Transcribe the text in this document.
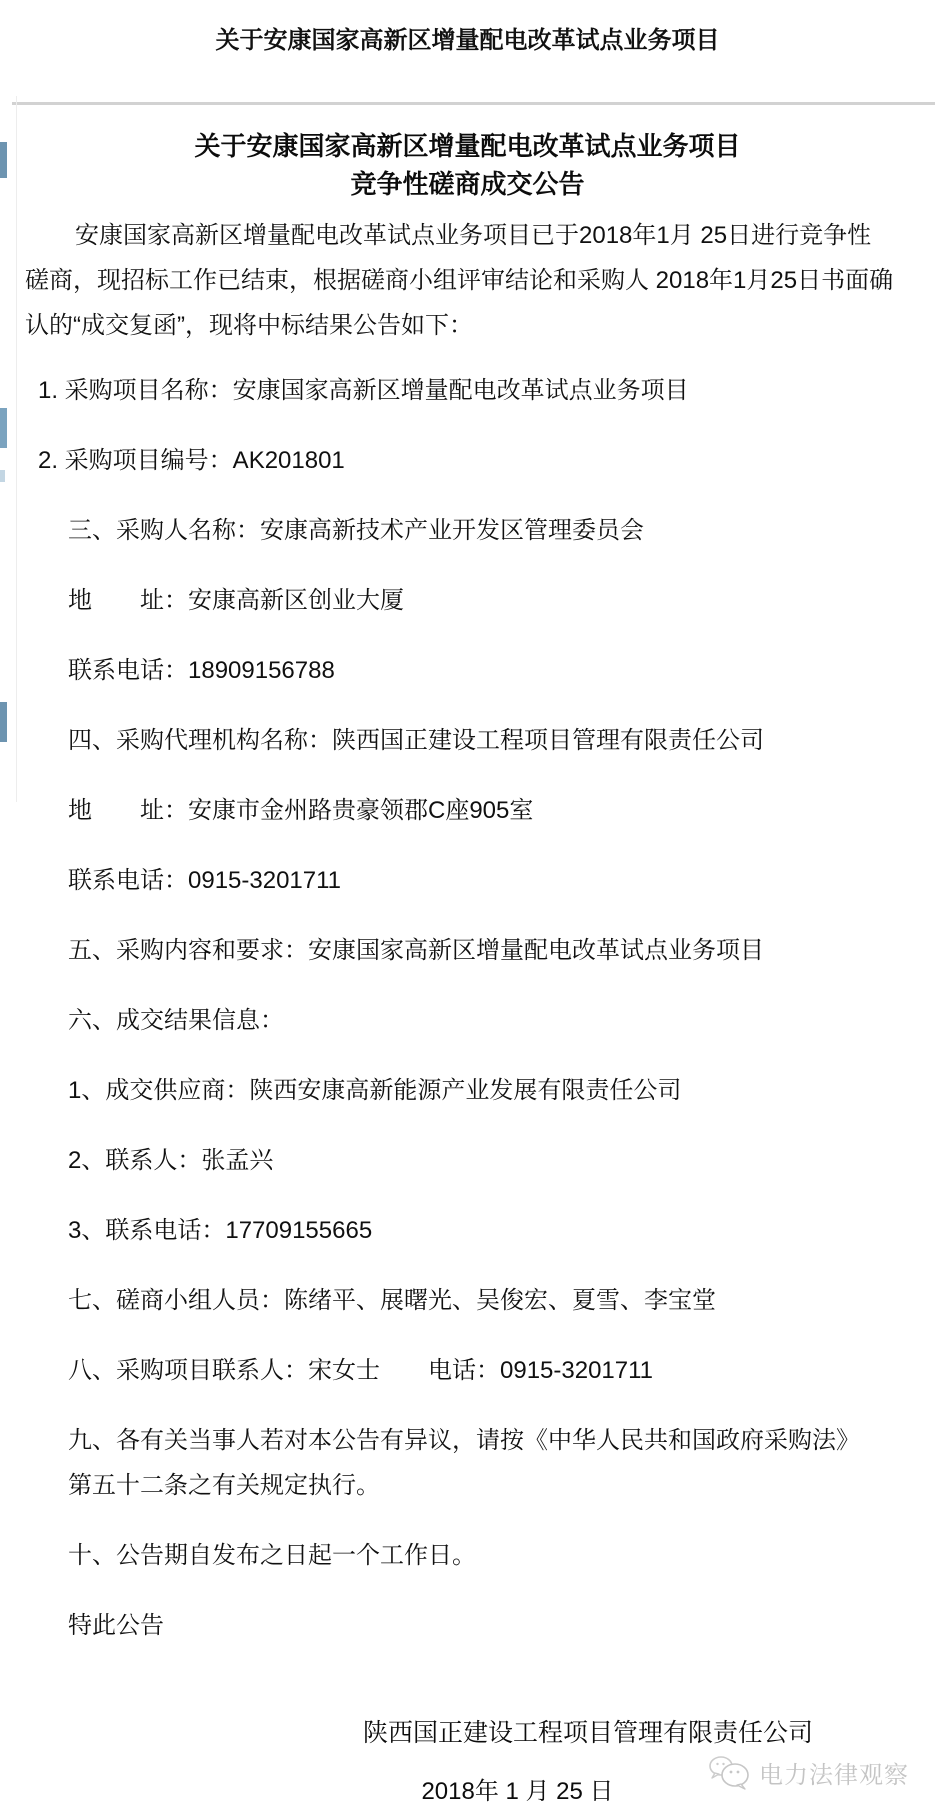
关于安康国家高新区增量配电改革试点业务项目
关于安康国家高新区增量配电改革试点业务项目
竞争性磋商成交公告
安康国家高新区增量配电改革试点业务项目已于2018年1月 25日进行竞争性
磋商，现招标工作已结束，根据磋商小组评审结论和采购人 2018年1月25日书面确
认的“成交复函”，现将中标结果公告如下：
1. 采购项目名称：安康国家高新区增量配电改革试点业务项目
2. 采购项目编号：AK201801
三、采购人名称：安康高新技术产业开发区管理委员会
地　　址：安康高新区创业大厦
联系电话：18909156788
四、采购代理机构名称：陕西国正建设工程项目管理有限责任公司
地　　址：安康市金州路贵豪领郡C座905室
联系电话：0915-3201711
五、采购内容和要求：安康国家高新区增量配电改革试点业务项目
六、成交结果信息：
1、成交供应商：陕西安康高新能源产业发展有限责任公司
2、联系人：张孟兴
3、联系电话：17709155665
七、磋商小组人员：陈绪平、展曙光、吴俊宏、夏雪、李宝堂
八、采购项目联系人：宋女士　　电话：0915-3201711
九、各有关当事人若对本公告有异议，请按《中华人民共和国政府采购法》
第五十二条之有关规定执行。
十、公告期自发布之日起一个工作日。
特此公告
陕西国正建设工程项目管理有限责任公司
2018年 1 月 25 日
电力法律观察
